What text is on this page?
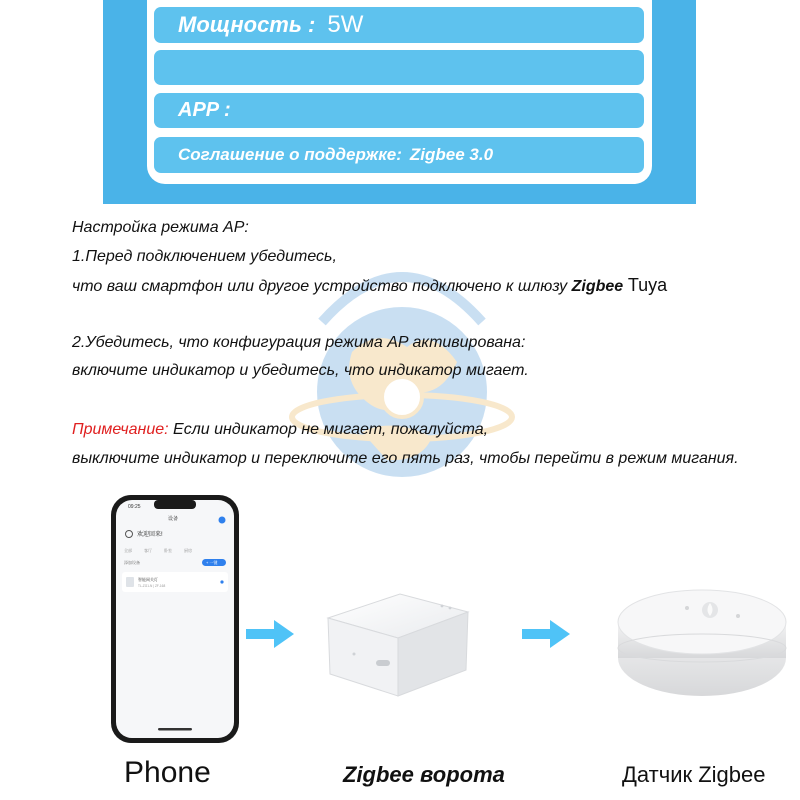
Мощность : 5W
APP :
Соглашение о поддержке: Zigbee 3.0
Настройка режима AP:
1.Перед подключением убедитесь,
что ваш смартфон или другое устройство подключено к шлюзу Zigbee Tuya
2.Убедитесь, что конфигурация режима AP активирована:
включите индикатор и убедитесь, что индикатор мигает.
Примечание: Если индикатор не мигает, пожалуйста,
выключите индикатор и переключите его пять раз, чтобы перейти в режим мигания.
09:25
设备
欢迎回来!
全部	客厅	卧室	厨房
添加设备	+ 一键
智能网关灯
TL-ZG1-N | ZF-168
Phone	Zigbee ворота	Датчик Zigbee
